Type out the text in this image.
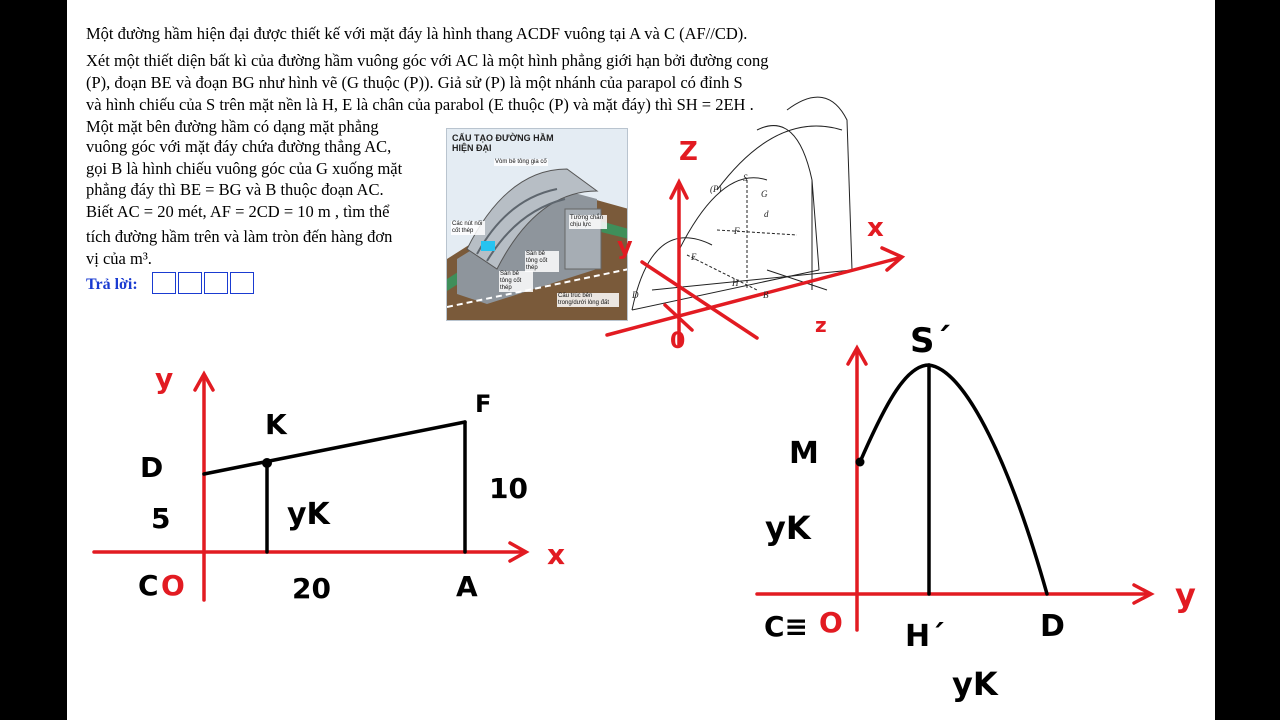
Một đường hầm hiện đại được thiết kế với mặt đáy là hình thang ACDF vuông tại A và C (AF//CD).
Xét một thiết diện bất kì của đường hầm vuông góc với AC là một hình phẳng giới hạn bởi đường cong
(P), đoạn BE và đoạn BG như hình vẽ (G thuộc (P)). Giả sử (P) là một nhánh của parapol có đỉnh S
và hình chiếu của S trên mặt nền là H, E là chân của parabol (E thuộc (P) và mặt đáy) thì SH = 2EH .
Một mặt bên đường hầm có dạng mặt phẳng
vuông góc với mặt đáy chứa đường thẳng AC,
gọi B là hình chiếu vuông góc của G xuống mặt
phẳng đáy thì BE = BG và B thuộc đoạn AC.
Biết AC = 20 mét, AF = 2CD = 10 m , tìm thể
tích đường hầm trên và làm tròn đến hàng đơn
vị của m³.
Trả lời:
CẤU TẠO ĐƯỜNG HẦM
HIỆN ĐẠI
Vòm bê tông gia cố
Các nút nối cốt thép
Tường chắn chịu lực
Sàn bê tông cốt thép
Sàn bê tông cốt thép
Cấu trúc bên trong/dưới lòng đất
Z
x
y
0
(P)
S
G
d
F
E
H
D	B
D
K
F
A
C
5
10
20
yK
O
y
x
S´
M
yK
C≡	H´	D
yK
O
z
y
